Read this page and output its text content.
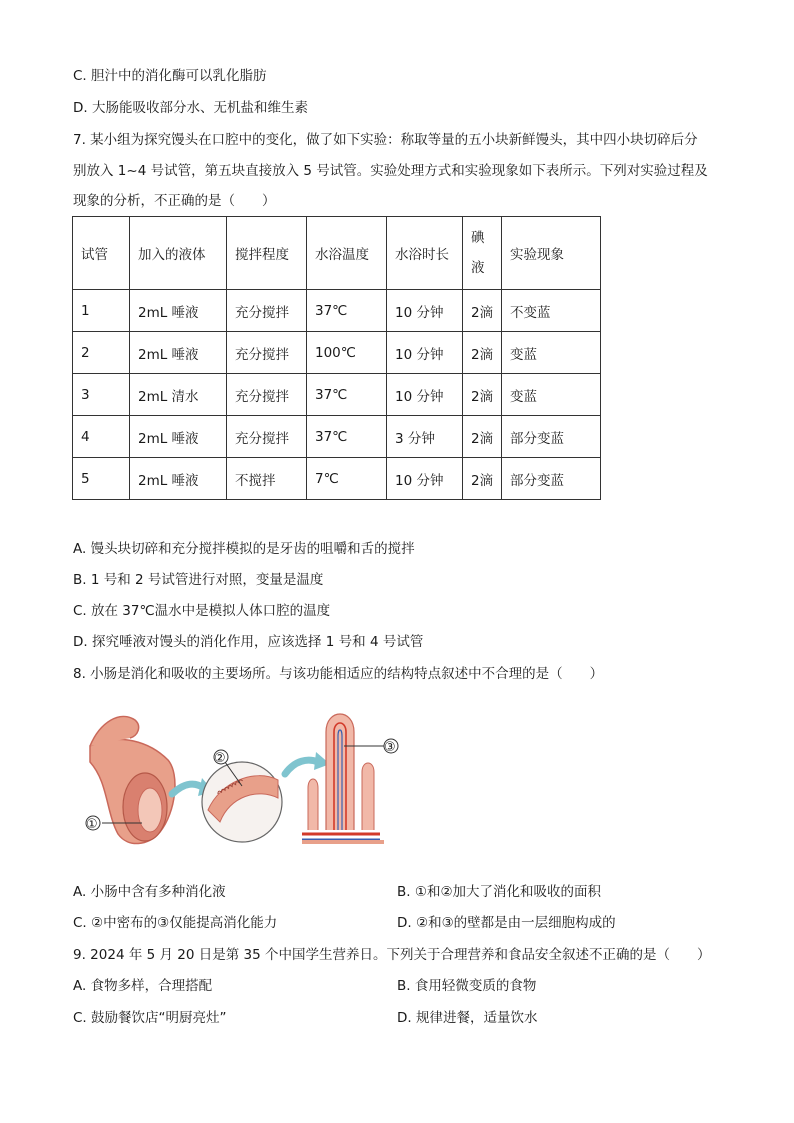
C. 胆汁中的消化酶可以乳化脂肪
D. 大肠能吸收部分水、无机盐和维生素
7. 某小组为探究馒头在口腔中的变化，做了如下实验：称取等量的五小块新鲜馒头，其中四小块切碎后分
别放入 1~4 号试管，第五块直接放入 5 号试管。实验处理方式和实验现象如下表所示。下列对实验过程及
现象的分析，不正确的是（　　）
试管	加入的液体	搅拌程度	水浴温度	水浴时长	碘
液	实验现象
1	2mL 唾液	充分搅拌	37℃	10 分钟	2滴	不变蓝
2	2mL 唾液	充分搅拌	100℃	10 分钟	2滴	变蓝
3	2mL 清水	充分搅拌	37℃	10 分钟	2滴	变蓝
4	2mL 唾液	充分搅拌	37℃	3 分钟	2滴	部分变蓝
5	2mL 唾液	不搅拌	7℃	10 分钟	2滴	部分变蓝
A. 馒头块切碎和充分搅拌模拟的是牙齿的咀嚼和舌的搅拌
B. 1 号和 2 号试管进行对照，变量是温度
C. 放在 37℃温水中是模拟人体口腔的温度
D. 探究唾液对馒头的消化作用，应该选择 1 号和 4 号试管
8. 小肠是消化和吸收的主要场所。与该功能相适应的结构特点叙述中不合理的是（　　）
②
③
①
A. 小肠中含有多种消化液	B. ①和②加大了消化和吸收的面积
C. ②中密布的③仅能提高消化能力	D. ②和③的壁都是由一层细胞构成的
9. 2024 年 5 月 20 日是第 35 个中国学生营养日。下列关于合理营养和食品安全叙述不正确的是（　　）
A. 食物多样，合理搭配	B. 食用轻微变质的食物
C. 鼓励餐饮店“明厨亮灶”	D. 规律进餐，适量饮水
